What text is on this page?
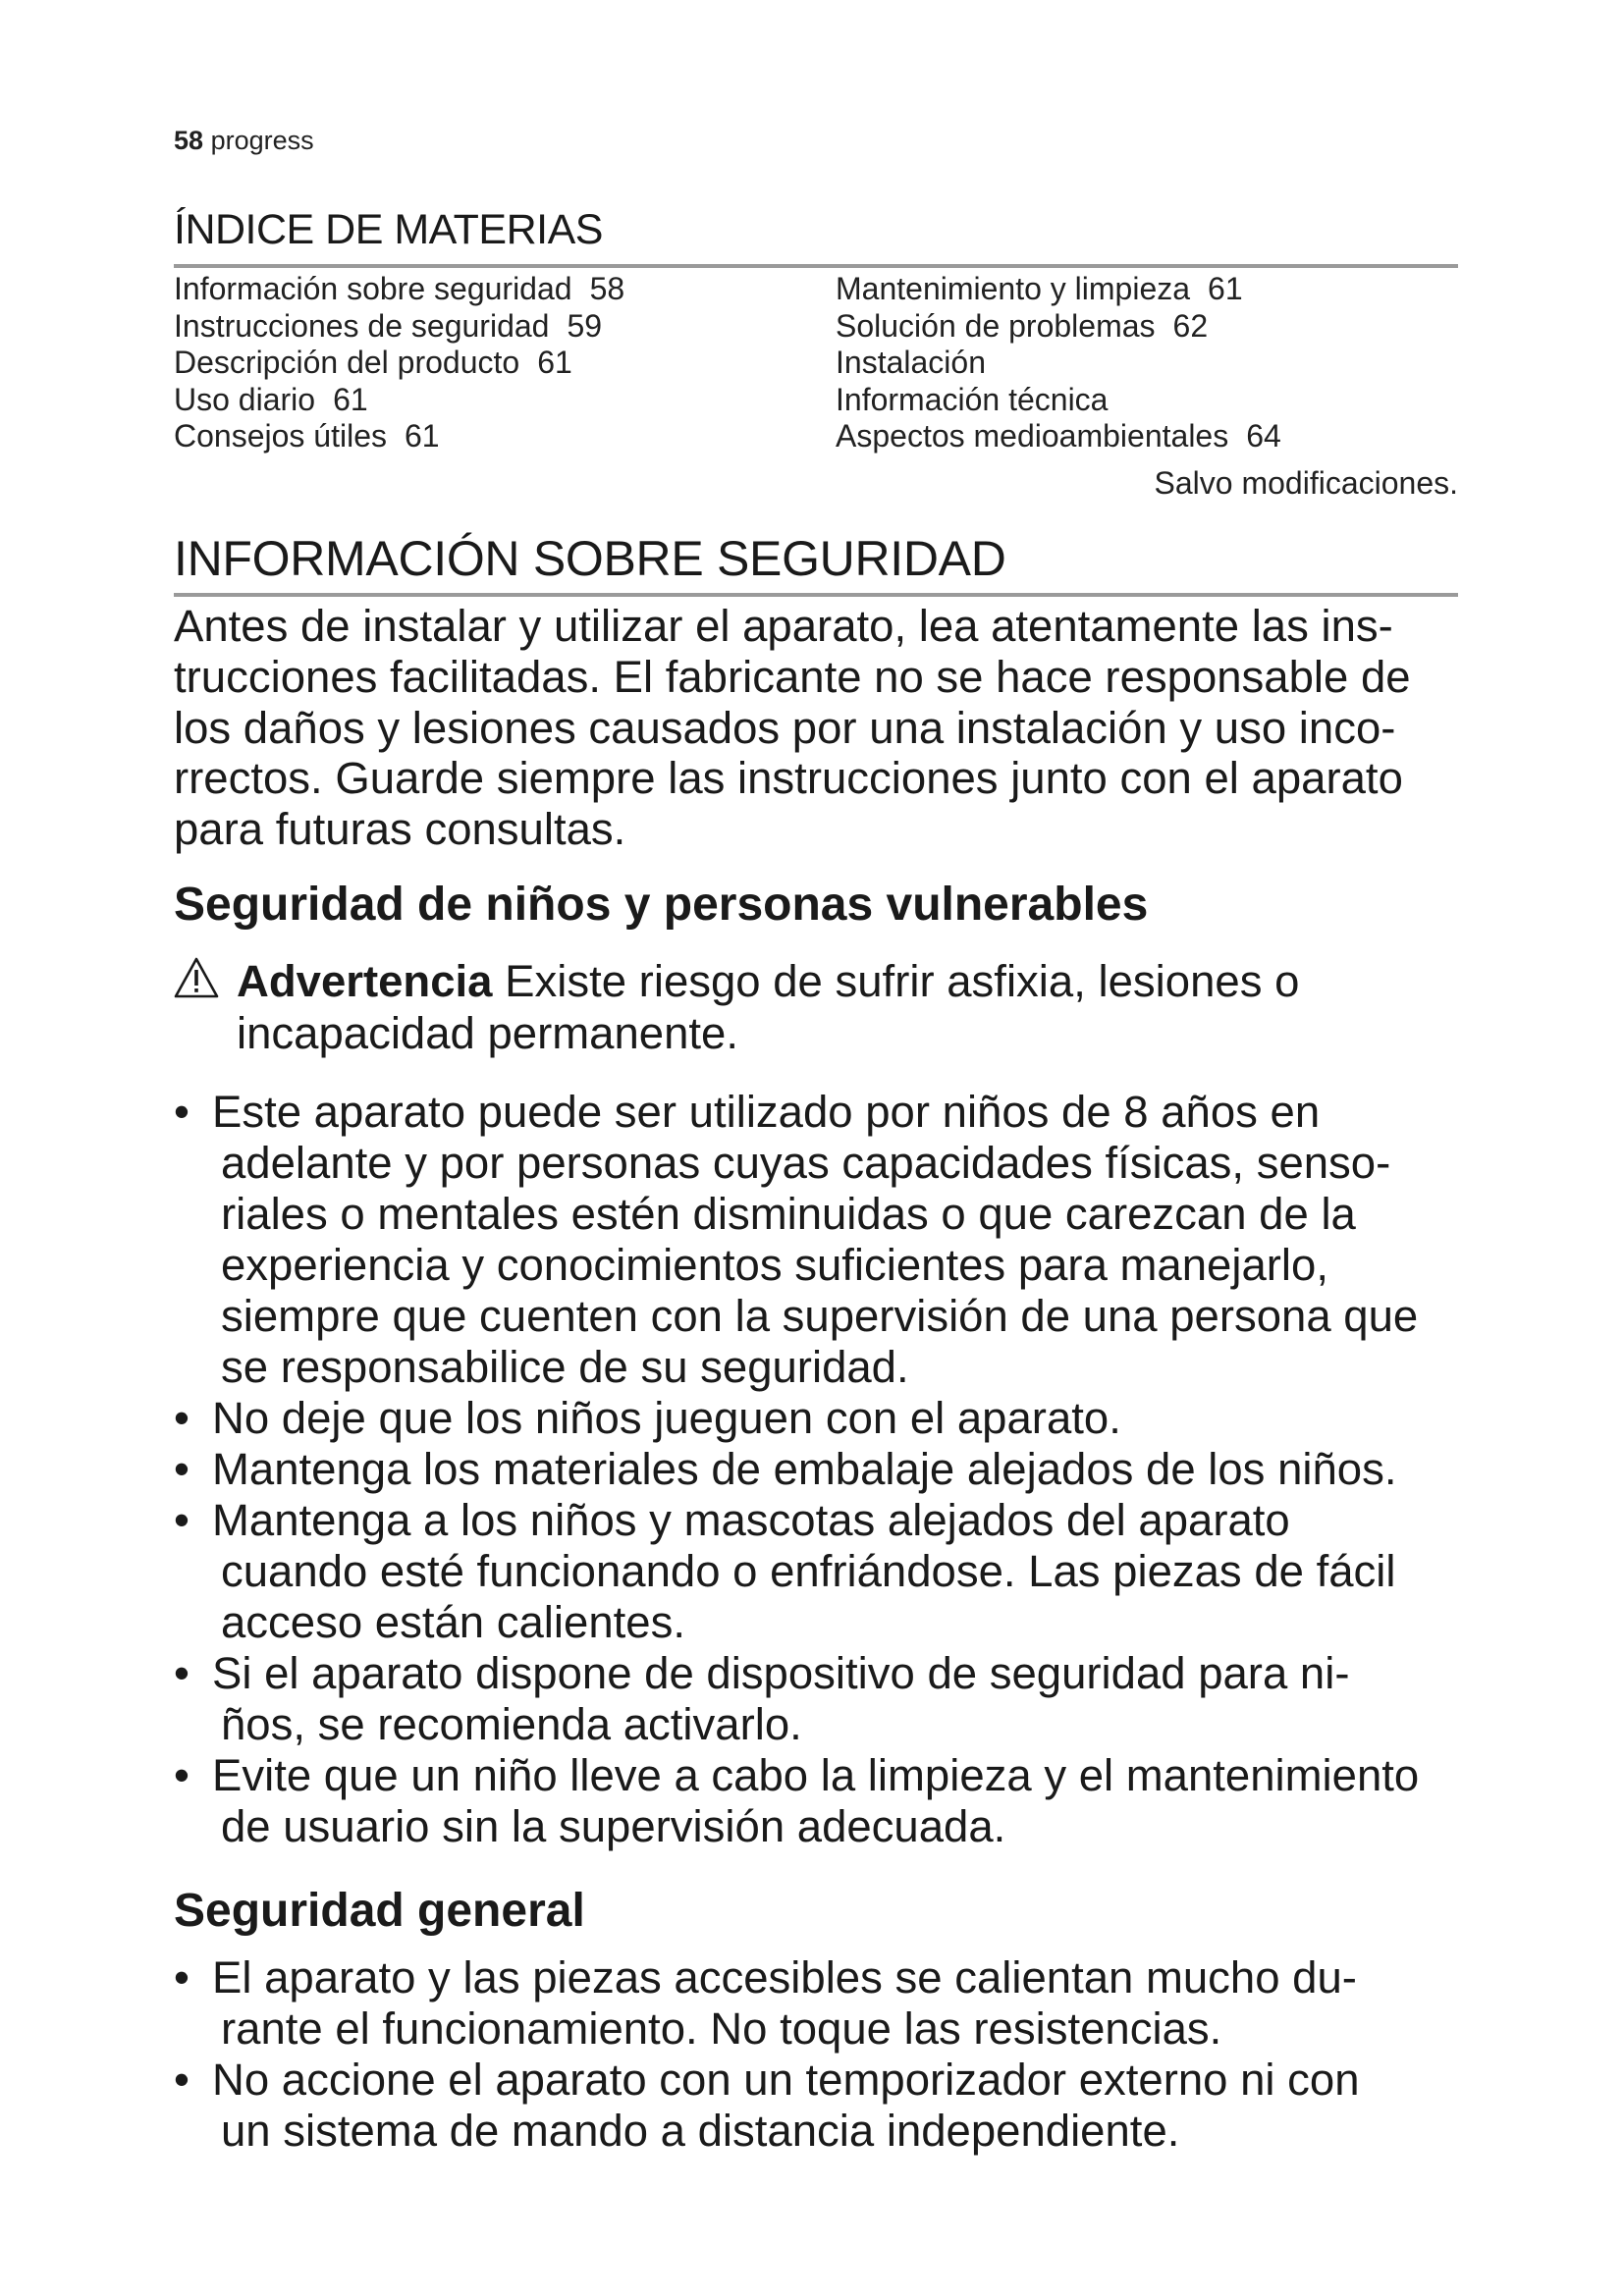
58 progress
ÍNDICE DE MATERIAS
Información sobre seguridad 58
Instrucciones de seguridad 59
Descripción del producto 61
Uso diario 61
Consejos útiles 61
Mantenimiento y limpieza 61
Solución de problemas 62
Instalación
Información técnica
Aspectos medioambientales 64
Salvo modificaciones.
INFORMACIÓN SOBRE SEGURIDAD

Antes de instalar y utilizar el aparato, lea atentamente las ins-
trucciones facilitadas. El fabricante no se hace responsable de
los daños y lesiones causados por una instalación y uso inco-
rrectos. Guarde siempre las instrucciones junto con el aparato
para futuras consultas.

Seguridad de niños y personas vulnerables
Advertencia Existe riesgo de sufrir asfixia, lesiones o
incapacidad permanente.
• Este aparato puede ser utilizado por niños de 8 años en
adelante y por personas cuyas capacidades físicas, senso-
riales o mentales estén disminuidas o que carezcan de la
experiencia y conocimientos suficientes para manejarlo,
siempre que cuenten con la supervisión de una persona que
se responsabilice de su seguridad.
• No deje que los niños jueguen con el aparato.
• Mantenga los materiales de embalaje alejados de los niños.
• Mantenga a los niños y mascotas alejados del aparato
cuando esté funcionando o enfriándose. Las piezas de fácil
acceso están calientes.
• Si el aparato dispone de dispositivo de seguridad para ni-
ños, se recomienda activarlo.
• Evite que un niño lleve a cabo la limpieza y el mantenimiento
de usuario sin la supervisión adecuada.
Seguridad general
• El aparato y las piezas accesibles se calientan mucho du-
rante el funcionamiento. No toque las resistencias.
• No accione el aparato con un temporizador externo ni con
un sistema de mando a distancia independiente.
